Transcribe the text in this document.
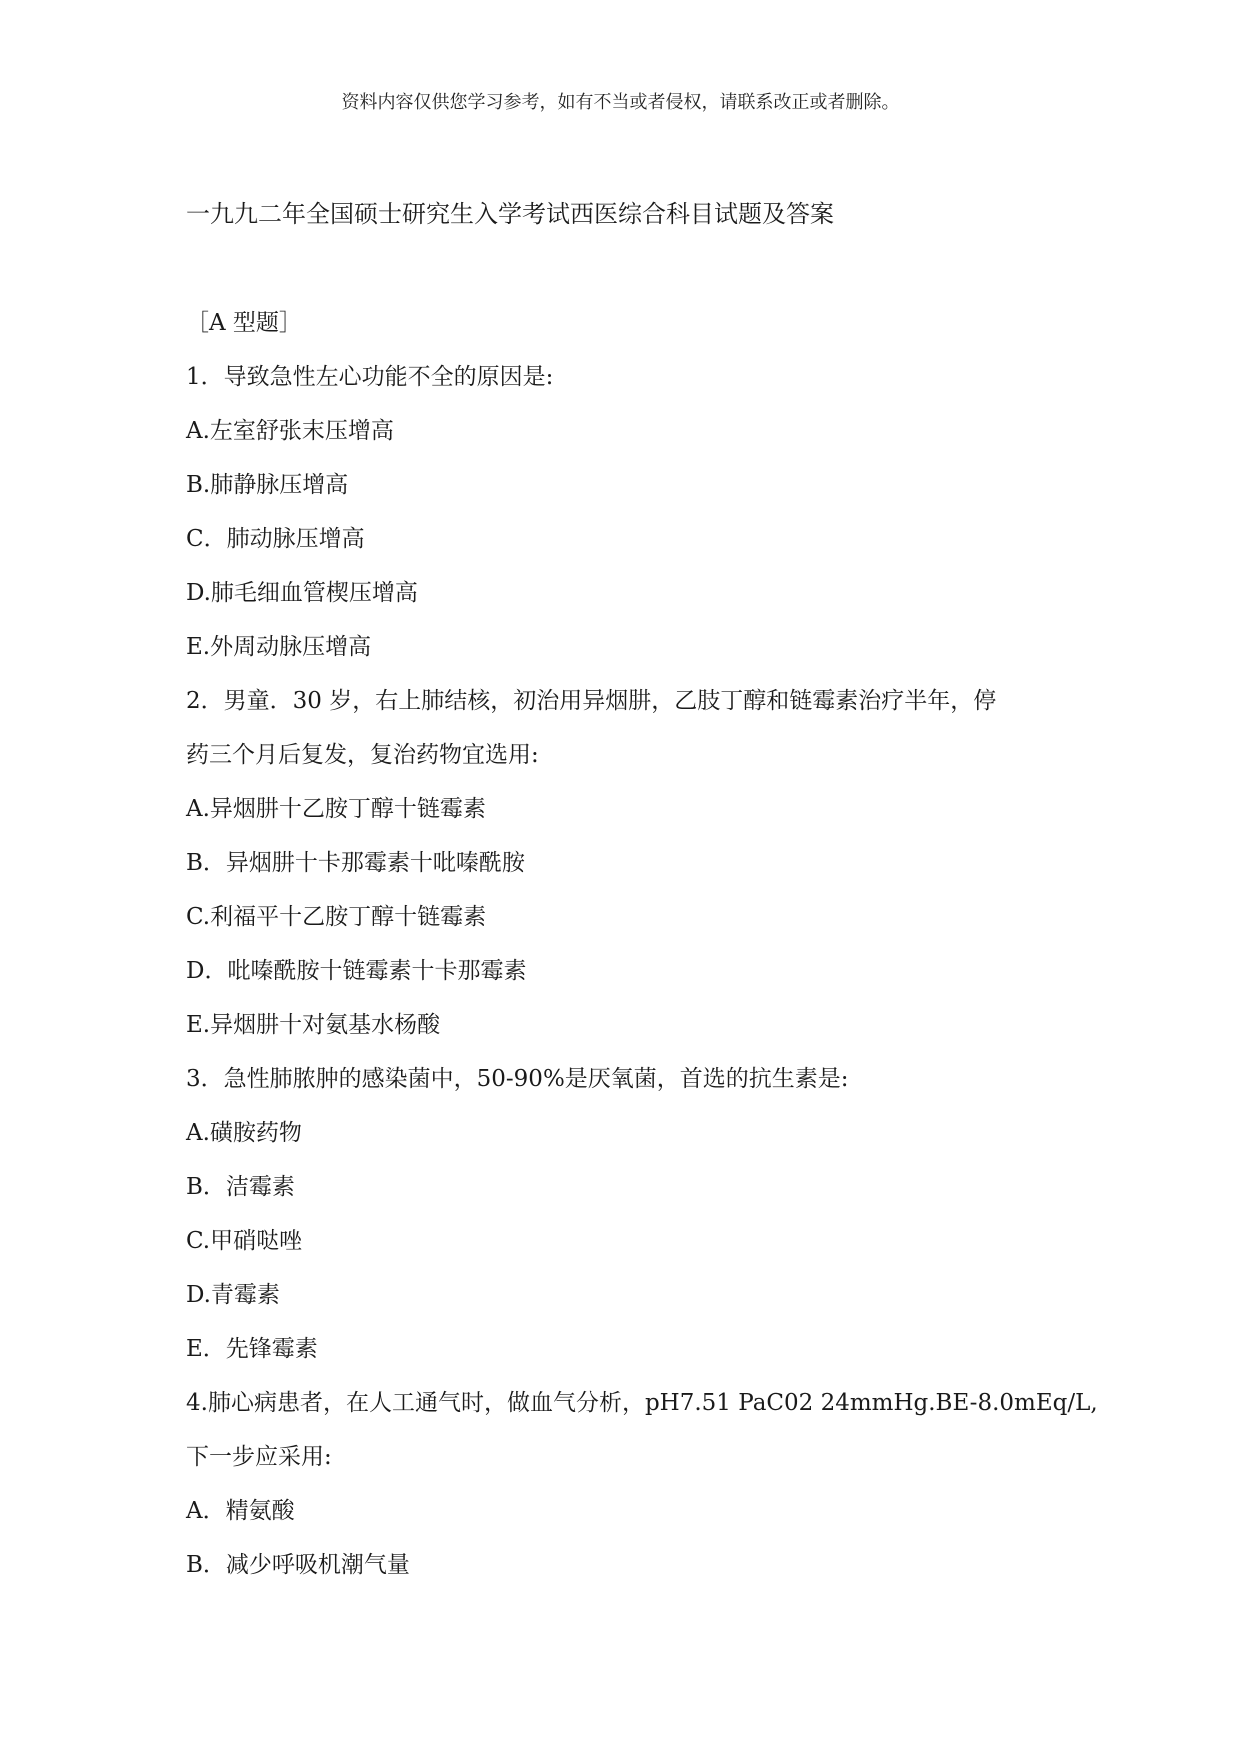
资料内容仅供您学习参考，如有不当或者侵权，请联系改正或者删除。
一九九二年全国硕士研究生入学考试西医综合科目试题及答案
［A 型题］
1．导致急性左心功能不全的原因是:
A.左室舒张末压增高
B.肺静脉压增高
C．肺动脉压增高
D.肺毛细血管楔压增高
E.外周动脉压增高
2．男童．30 岁，右上肺结核，初治用异烟肼，乙肢丁醇和链霉素治疗半年，停
药三个月后复发，复治药物宜选用:
A.异烟肼十乙胺丁醇十链霉素
B．异烟肼十卡那霉素十吡嗪酰胺
C.利福平十乙胺丁醇十链霉素
D．吡嗪酰胺十链霉素十卡那霉素
E.异烟肼十对氨基水杨酸
3．急性肺脓肿的感染菌中，50-90%是厌氧菌，首选的抗生素是:
A.磺胺药物
B．洁霉素
C.甲硝哒唑
D.青霉素
E．先锋霉素
4.肺心病患者，在人工通气时，做血气分析，pH7.51 PaC02 24mmHg.BE-8.0mEq/L,
下一步应采用:
A．精氨酸
B．减少呼吸机潮气量
